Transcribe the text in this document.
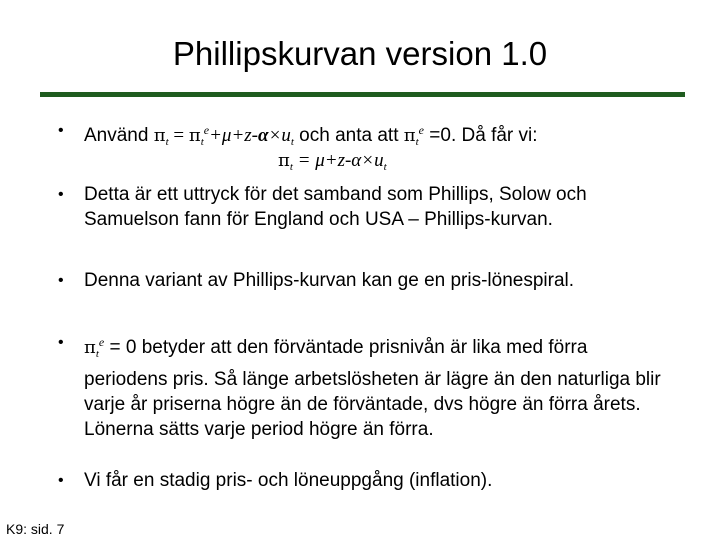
Phillipskurvan version 1.0
•	Använd $\pi_t = \pi_t^e+\mu+z-\alpha\times u_t$ och anta att $\pi_t^e =0$. Då får vi:
$\pi_t = \mu+z-\alpha\times u_t$
•	Detta är ett uttryck för det samband som Phillips, Solow och Samuelson fann för England och USA – Phillips-kurvan.
•	Denna variant av Phillips-kurvan kan ge en pris-lönespiral.
•	$\pi_t^e = 0$ betyder att den förväntade prisnivån är lika med förra periodens pris. Så länge arbetslösheten är lägre än den naturliga blir varje år priserna högre än de förväntade, dvs högre än förra årets. Lönerna sätts varje period högre än förra.
•	Vi får en stadig pris- och löneuppgång (inflation).
K9: sid. 7
